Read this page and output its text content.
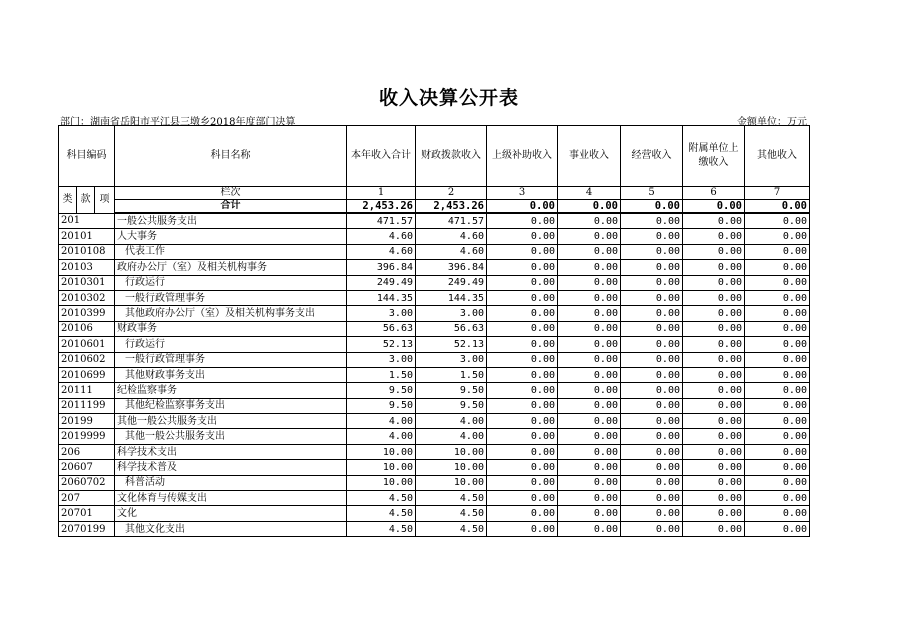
收入决算公开表
部门：湖南省岳阳市平江县三墩乡2018年度部门决算	金额单位：万元
科目编码			科目名称	本年收入合计	财政拨款收入	上级补助收入	事业收入	经营收入	附属单位上缴收入	其他收入
类	款	项	栏次	1	2	3	4	5	6	7
			合计	2,453.26	2,453.26	0.00	0.00	0.00	0.00	0.00
201			一般公共服务支出	471.57	471.57	0.00	0.00	0.00	0.00	0.00
20101			人大事务	4.60	4.60	0.00	0.00	0.00	0.00	0.00
2010108			代表工作	4.60	4.60	0.00	0.00	0.00	0.00	0.00
20103			政府办公厅（室）及相关机构事务	396.84	396.84	0.00	0.00	0.00	0.00	0.00
2010301			行政运行	249.49	249.49	0.00	0.00	0.00	0.00	0.00
2010302			一般行政管理事务	144.35	144.35	0.00	0.00	0.00	0.00	0.00
2010399			其他政府办公厅（室）及相关机构事务支出	3.00	3.00	0.00	0.00	0.00	0.00	0.00
20106			财政事务	56.63	56.63	0.00	0.00	0.00	0.00	0.00
2010601			行政运行	52.13	52.13	0.00	0.00	0.00	0.00	0.00
2010602			一般行政管理事务	3.00	3.00	0.00	0.00	0.00	0.00	0.00
2010699			其他财政事务支出	1.50	1.50	0.00	0.00	0.00	0.00	0.00
20111			纪检监察事务	9.50	9.50	0.00	0.00	0.00	0.00	0.00
2011199			其他纪检监察事务支出	9.50	9.50	0.00	0.00	0.00	0.00	0.00
20199			其他一般公共服务支出	4.00	4.00	0.00	0.00	0.00	0.00	0.00
2019999			其他一般公共服务支出	4.00	4.00	0.00	0.00	0.00	0.00	0.00
206			科学技术支出	10.00	10.00	0.00	0.00	0.00	0.00	0.00
20607			科学技术普及	10.00	10.00	0.00	0.00	0.00	0.00	0.00
2060702			科普活动	10.00	10.00	0.00	0.00	0.00	0.00	0.00
207			文化体育与传媒支出	4.50	4.50	0.00	0.00	0.00	0.00	0.00
20701			文化	4.50	4.50	0.00	0.00	0.00	0.00	0.00
2070199			其他文化支出	4.50	4.50	0.00	0.00	0.00	0.00	0.00
